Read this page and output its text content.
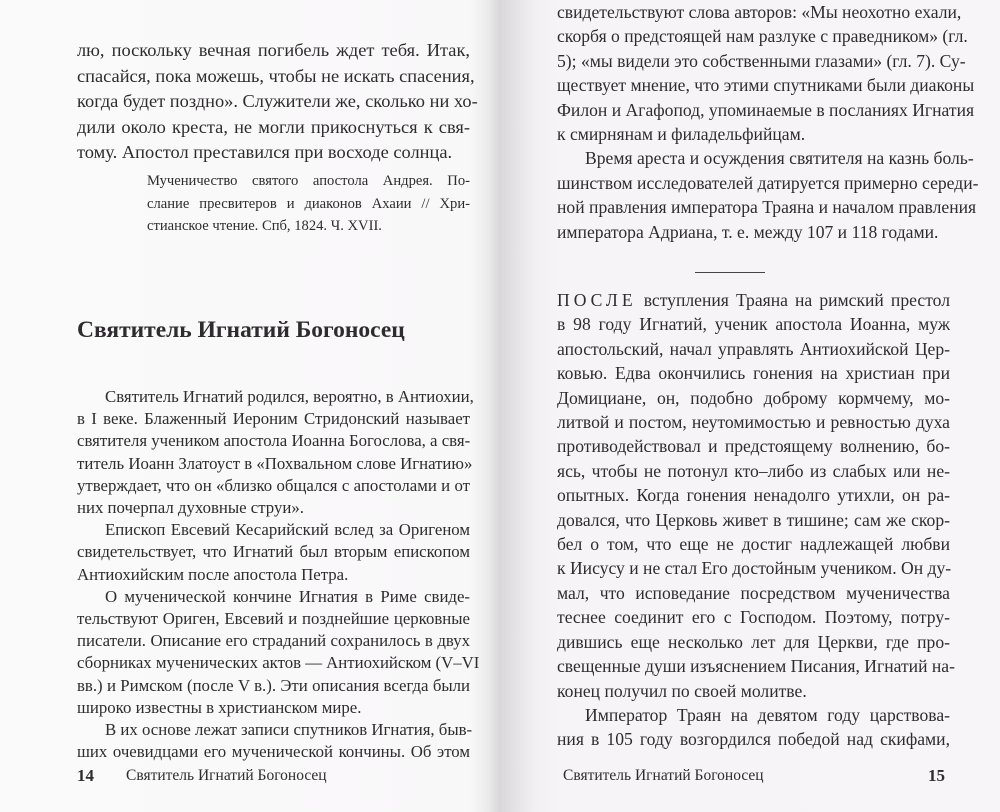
лю, поскольку вечная погибель ждет тебя. Итак,
спасайся, пока можешь, чтобы не искать спасения,
когда будет поздно». Служители же, сколько ни хо-
дили около креста, не могли прикоснуться к свя-
тому. Апостол преставился при восходе солнца.
Мученичество святого апостола Андрея. По-
слание пресвитеров и диаконов Ахаии // Хри-
стианское чтение. Спб, 1824. Ч. XVII.
Святитель Игнатий Богоносец
Святитель Игнатий родился, вероятно, в Антиохии,
в I веке. Блаженный Иероним Стридонский называет
святителя учеником апостола Иоанна Богослова, а свя-
титель Иоанн Златоуст в «Похвальном слове Игнатию»
утверждает, что он «близко общался с апостолами и от
них почерпал духовные струи».
Епископ Евсевий Кесарийский вслед за Оригеном
свидетельствует, что Игнатий был вторым епископом
Антиохийским после апостола Петра.
О мученической кончине Игнатия в Риме свиде-
тельствуют Ориген, Евсевий и позднейшие церковные
писатели. Описание его страданий сохранилось в двух
сборниках мученических актов — Антиохийском (V–VI
вв.) и Римском (после V в.). Эти описания всегда были
широко известны в христианском мире.
В их основе лежат записи спутников Игнатия, быв-
ших очевидцами его мученической кончины. Об этом
14 Святитель Игнатий Богоносец
свидетельствуют слова авторов: «Мы неохотно ехали,
скорбя о предстоящей нам разлуке с праведником» (гл.
5); «мы видели это собственными глазами» (гл. 7). Су-
ществует мнение, что этими спутниками были диаконы
Филон и Агафопод, упоминаемые в посланиях Игнатия
к смирнянам и филадельфийцам.
Время ареста и осуждения святителя на казнь боль-
шинством исследователей датируется примерно середи-
ной правления императора Траяна и началом правления
императора Адриана, т. е. между 107 и 118 годами.
ПОСЛЕ вступления Траяна на римский престол
в 98 году Игнатий, ученик апостола Иоанна, муж
апостольский, начал управлять Антиохийской Цер-
ковью. Едва окончились гонения на христиан при
Домициане, он, подобно доброму кормчему, мо-
литвой и постом, неутомимостью и ревностью духа
противодействовал и предстоящему волнению, бо-
ясь, чтобы не потонул кто–либо из слабых или не-
опытных. Когда гонения ненадолго утихли, он ра-
довался, что Церковь живет в тишине; сам же скор-
бел о том, что еще не достиг надлежащей любви
к Иисусу и не стал Его достойным учеником. Он ду-
мал, что исповедание посредством мученичества
теснее соединит его с Господом. Поэтому, потру-
дившись еще несколько лет для Церкви, где про-
свещенные души изъяснением Писания, Игнатий на-
конец получил по своей молитве.
Император Траян на девятом году царствова-
ния в 105 году возгордился победой над скифами,
Святитель Игнатий Богоносец	15
